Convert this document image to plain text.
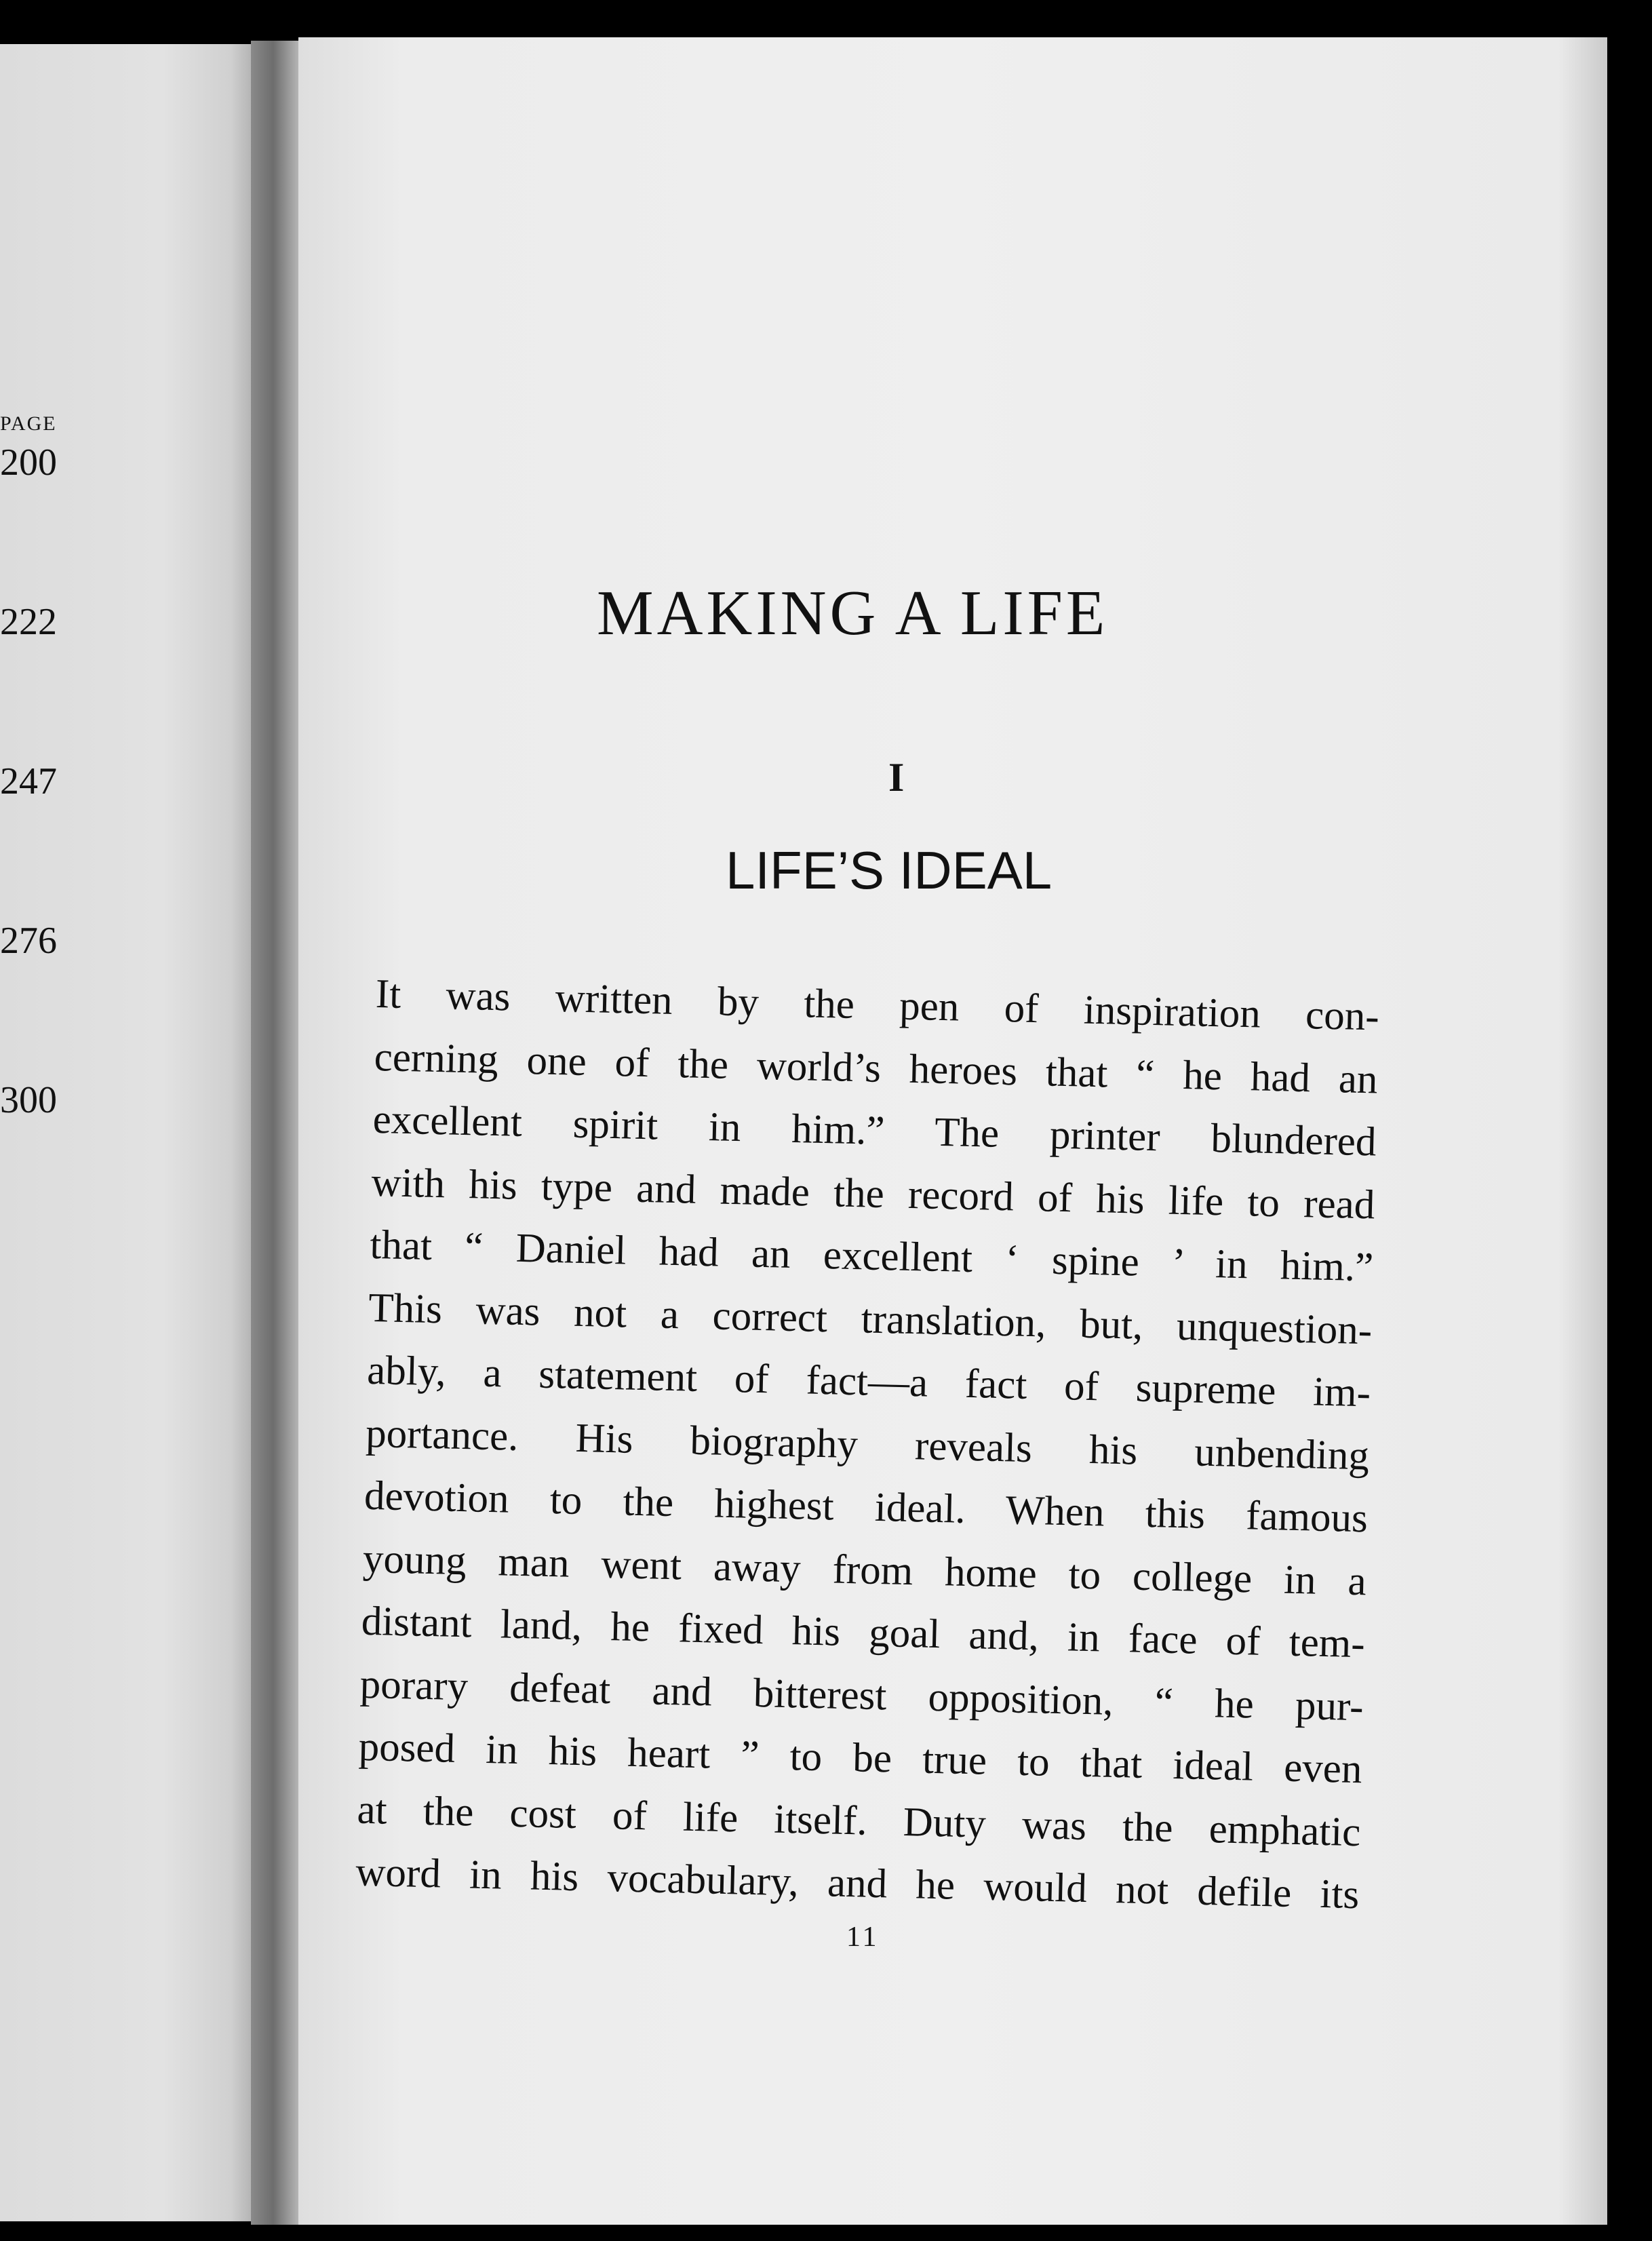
PAGE
200
222
247
276
300
MAKING A LIFE
I
LIFE’S IDEAL
It was written by the pen of inspiration con-
cerning one of the world’s heroes that “ he had an
excellent spirit in him.” The printer blundered
with his type and made the record of his life to read
that “ Daniel had an excellent ‘ spine ’ in him.”
This was not a correct translation, but, unquestion-
ably, a statement of fact—a fact of supreme im-
portance. His biography reveals his unbending
devotion to the highest ideal. When this famous
young man went away from home to college in a
distant land, he fixed his goal and, in face of tem-
porary defeat and bitterest opposition, “ he pur-
posed in his heart ” to be true to that ideal even
at the cost of life itself. Duty was the emphatic
word in his vocabulary, and he would not defile its
11
